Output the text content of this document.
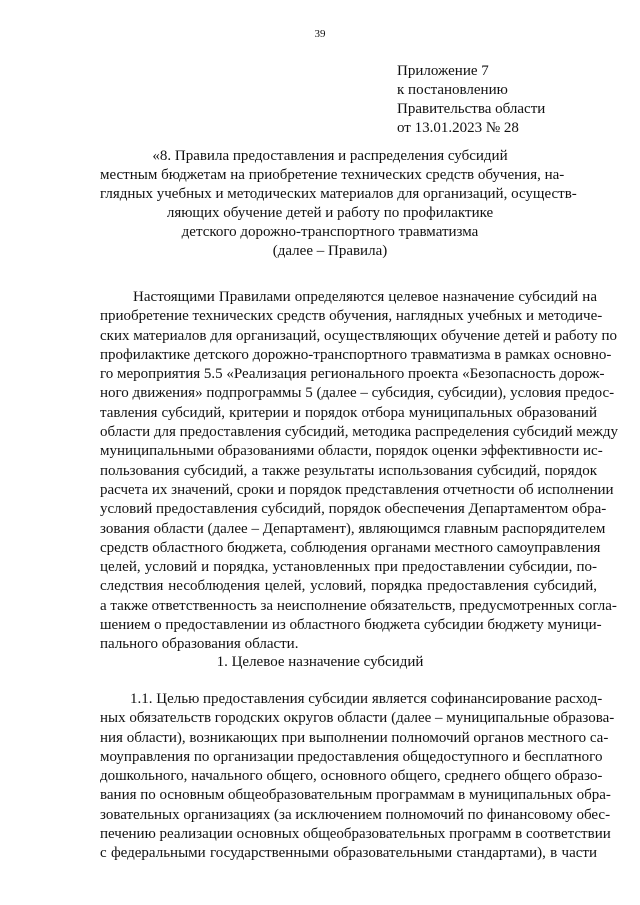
39
Приложение 7
к постановлению
Правительства области
от 13.01.2023 № 28
«8. Правила предоставления и распределения субсидий
местным бюджетам на приобретение технических средств обучения, на-
глядных учебных и методических материалов для организаций, осуществ-
ляющих обучение детей и работу по профилактике
детского дорожно-транспортного травматизма
(далее – Правила)
Настоящими Правилами определяются целевое назначение субсидий на
приобретение технических средств обучения, наглядных учебных и методиче-
ских материалов для организаций, осуществляющих обучение детей и работу по
профилактике детского дорожно-транспортного травматизма в рамках основно-
го мероприятия 5.5 «Реализация регионального проекта «Безопасность дорож-
ного движения» подпрограммы 5 (далее – субсидия, субсидии), условия предос-
тавления субсидий, критерии и порядок отбора муниципальных образований
области для предоставления субсидий, методика распределения субсидий между
муниципальными образованиями области, порядок оценки эффективности ис-
пользования субсидий, а также результаты использования субсидий, порядок
расчета их значений, сроки и порядок представления отчетности об исполнении
условий предоставления субсидий, порядок обеспечения Департаментом обра-
зования области (далее – Департамент), являющимся главным распорядителем
средств областного бюджета, соблюдения органами местного самоуправления
целей, условий и порядка, установленных при предоставлении субсидии, по-
следствия несоблюдения целей, условий, порядка предоставления субсидий,
а также ответственность за неисполнение обязательств, предусмотренных согла-
шением о предоставлении из областного бюджета субсидии бюджету муници-
пального образования области.
1. Целевое назначение субсидий
1.1. Целью предоставления субсидии является софинансирование расход-
ных обязательств городских округов области (далее – муниципальные образова-
ния области), возникающих при выполнении полномочий органов местного са-
моуправления по организации предоставления общедоступного и бесплатного
дошкольного, начального общего, основного общего, среднего общего образо-
вания по основным общеобразовательным программам в муниципальных обра-
зовательных организациях (за исключением полномочий по финансовому обес-
печению реализации основных общеобразовательных программ в соответствии
с федеральными государственными образовательными стандартами), в части
